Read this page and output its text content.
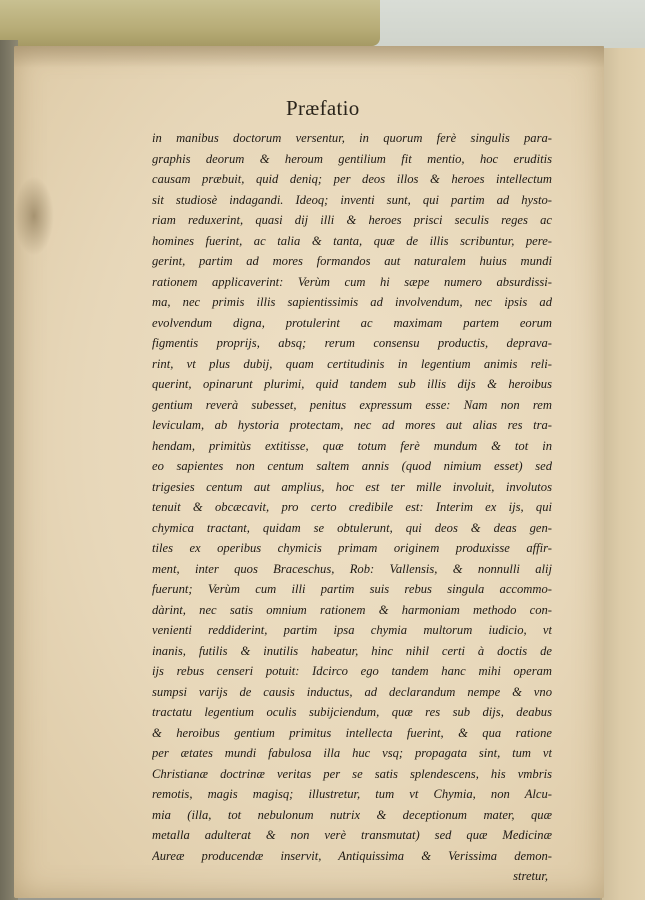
Præfatio
in manibus doctorum versentur, in quorum ferè singulis para-
graphis deorum & heroum gentilium fit mentio, hoc eruditis
causam præbuit, quid deniq; per deos illos & heroes intellectum
sit studiosè indagandi. Ideoq; inventi sunt, qui partim ad hysto-
riam reduxerint, quasi dij illi & heroes prisci seculis reges ac
homines fuerint, ac talia & tanta, quæ de illis scribuntur, pere-
gerint, partim ad mores formandos aut naturalem huius mundi
rationem applicaverint: Verùm cum hi sæpe numero absurdissi-
ma, nec primis illis sapientissimis ad involvendum, nec ipsis ad
evolvendum digna, protulerint ac maximam partem eorum
figmentis proprijs, absq; rerum consensu productis, deprava-
rint, vt plus dubij, quam certitudinis in legentium animis reli-
querint, opinarunt plurimi, quid tandem sub illis dijs & heroibus
gentium reverà subesset, penitus expressum esse: Nam non rem
leviculam, ab hystoria protectam, nec ad mores aut alias res tra-
hendam, primitùs extitisse, quæ totum ferè mundum & tot in
eo sapientes non centum saltem annis (quod nimium esset) sed
trigesies centum aut amplius, hoc est ter mille involuit, involutos
tenuit & obcæcavit, pro certo credibile est: Interim ex ijs, qui
chymica tractant, quidam se obtulerunt, qui deos & deas gen-
tiles ex operibus chymicis primam originem produxisse affir-
ment, inter quos Braceschus, Rob: Vallensis, & nonnulli alij
fuerunt; Verùm cum illi partim suis rebus singula accommo-
dàrint, nec satis omnium rationem & harmoniam methodo con-
venienti reddiderint, partim ipsa chymia multorum iudicio, vt
inanis, futilis & inutilis habeatur, hinc nihil certi à doctis de
ijs rebus censeri potuit: Idcirco ego tandem hanc mihi operam
sumpsi varijs de causis inductus, ad declarandum nempe & vno
tractatu legentium oculis subijciendum, quæ res sub dijs, deabus
& heroibus gentium primitus intellecta fuerint, & qua ratione
per ætates mundi fabulosa illa huc vsq; propagata sint, tum vt
Christianæ doctrinæ veritas per se satis splendescens, his vmbris
remotis, magis magisq; illustretur, tum vt Chymia, non Alcu-
mia (illa, tot nebulonum nutrix & deceptionum mater, quæ
metalla adulterat & non verè transmutat) sed quæ Medicinæ
Aureæ producendæ inservit, Antiquissima & Verissima demon-
stretur,
